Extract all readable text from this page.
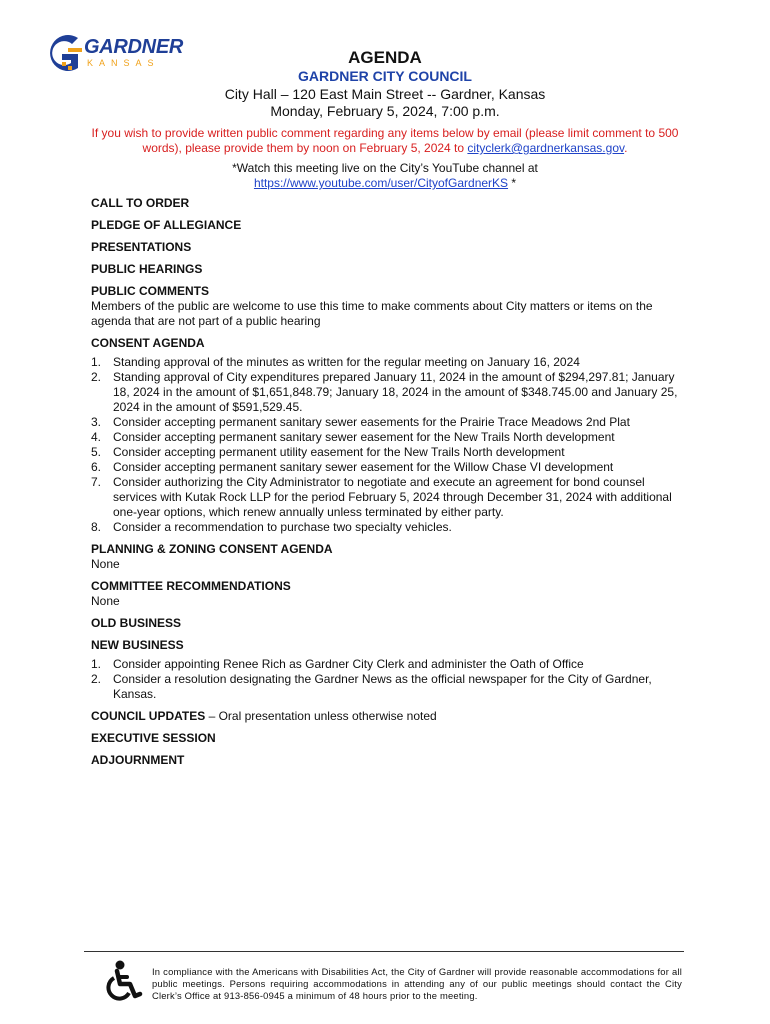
GARDNER
KANSAS	AGENDA
GARDNER CITY COUNCIL
City Hall – 120 East Main Street -- Gardner, Kansas
Monday, February 5, 2024, 7:00 p.m.
If you wish to provide written public comment regarding any items below by email (please limit comment to 500 words), please provide them by noon on February 5, 2024 to cityclerk@gardnerkansas.gov.
*Watch this meeting live on the City’s YouTube channel at
https://www.youtube.com/user/CityofGardnerKS *

CALL TO ORDER

PLEDGE OF ALLEGIANCE

PRESENTATIONS

PUBLIC HEARINGS

PUBLIC COMMENTS

Members of the public are welcome to use this time to make comments about City matters or items on the agenda that are not part of a public hearing

CONSENT AGENDA

1. Standing approval of the minutes as written for the regular meeting on January 16, 2024
2. Standing approval of City expenditures prepared January 11, 2024 in the amount of $294,297.81; January 18, 2024 in the amount of $1,651,848.79; January 18, 2024 in the amount of $348.745.00 and January 25, 2024 in the amount of $591,529.45.
3. Consider accepting permanent sanitary sewer easements for the Prairie Trace Meadows 2nd Plat
4. Consider accepting permanent sanitary sewer easement for the New Trails North development
5. Consider accepting permanent utility easement for the New Trails North development
6. Consider accepting permanent sanitary sewer easement for the Willow Chase VI development
7. Consider authorizing the City Administrator to negotiate and execute an agreement for bond counsel services with Kutak Rock LLP for the period February 5, 2024 through December 31, 2024 with additional one-year options, which renew annually unless terminated by either party.
8. Consider a recommendation to purchase two specialty vehicles.

PLANNING & ZONING CONSENT AGENDA

None

COMMITTEE RECOMMENDATIONS

None

OLD BUSINESS

NEW BUSINESS

1. Consider appointing Renee Rich as Gardner City Clerk and administer the Oath of Office
2. Consider a resolution designating the Gardner News as the official newspaper for the City of Gardner, Kansas.

COUNCIL UPDATES – Oral presentation unless otherwise noted

EXECUTIVE SESSION

ADJOURNMENT

In compliance with the Americans with Disabilities Act, the City of Gardner will provide reasonable accommodations for all public meetings. Persons requiring accommodations in attending any of our public meetings should contact the City Clerk’s Office at 913-856-0945 a minimum of 48 hours prior to the meeting.
